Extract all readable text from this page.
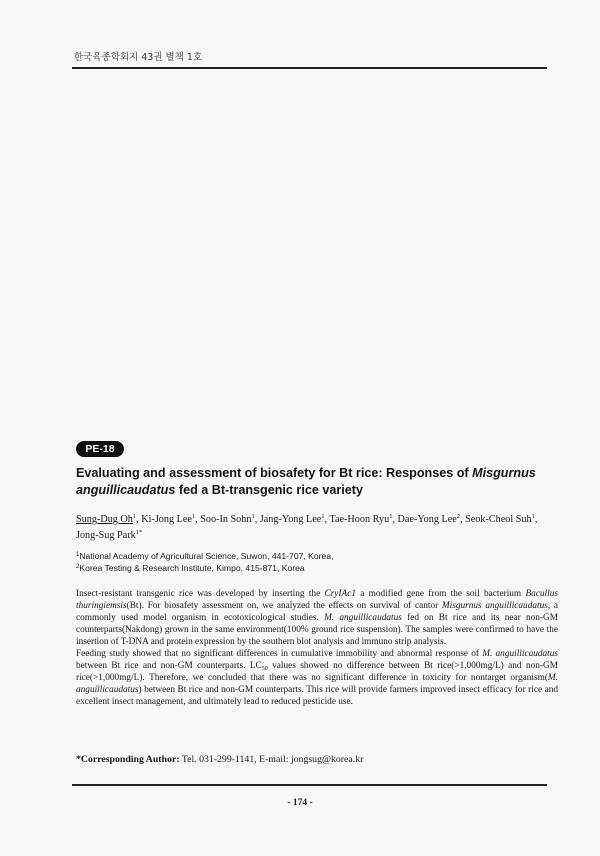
한국육종학회지 43권 별책 1호
PE-18
Evaluating and assessment of biosafety for Bt rice: Responses of Misgurnus anguillicaudatus fed a Bt-transgenic rice variety
Sung-Dug Oh$^1$, Ki-Jong Lee$^1$, Soo-In Sohn$^1$, Jang-Yong Lee$^1$, Tae-Hoon Ryu$^1$, Dae-Yong Lee$^2$, Seok-Cheol Suh$^1$, Jong-Sug Park$^{1*}$
$^1$National Academy of Agricultural Science, Suwon, 441-707, Korea,
$^2$Korea Testing & Research Institute, Kimpo, 415-871, Korea

Insect-resistant transgenic rice was developed by inserting the CryIAc1 a modified gene from the soil bacterium Bacullus thuringiemsis(Bt). For biosafety assessment on, we analyzed the effects on survival of cantor Misgurnus anguillicaudatus, a commonly used model organism in ecotoxicological studies. M. anguillicaudatus fed on Bt rice and its near non-GM counterparts(Nakdong) grown in the same environment(100% ground rice suspension). The samples were confirmed to have the insertion of T-DNA and protein expression by the southern blot analysis and immuno strip analysis.

Feeding study showed that no significant differences in cumulative immobility and abnormal response of M. anguillicaudatus between Bt rice and non-GM counterparts. $LC_{50}$ values showed no difference between Bt rice(>1,000mg/L) and non-GM rice(>1,000mg/L). Therefore, we concluded that there was no significant difference in toxicity for nontarget organism(M. anguillicaudatus) between Bt rice and non-GM counterparts. This rice will provide farmers improved insect efficacy for rice and excellent insect management, and ultimately lead to reduced pesticide use.

*Corresponding Author: Tel. 031-299-1141, E-mail: jongsug@korea.kr
- 174 -
